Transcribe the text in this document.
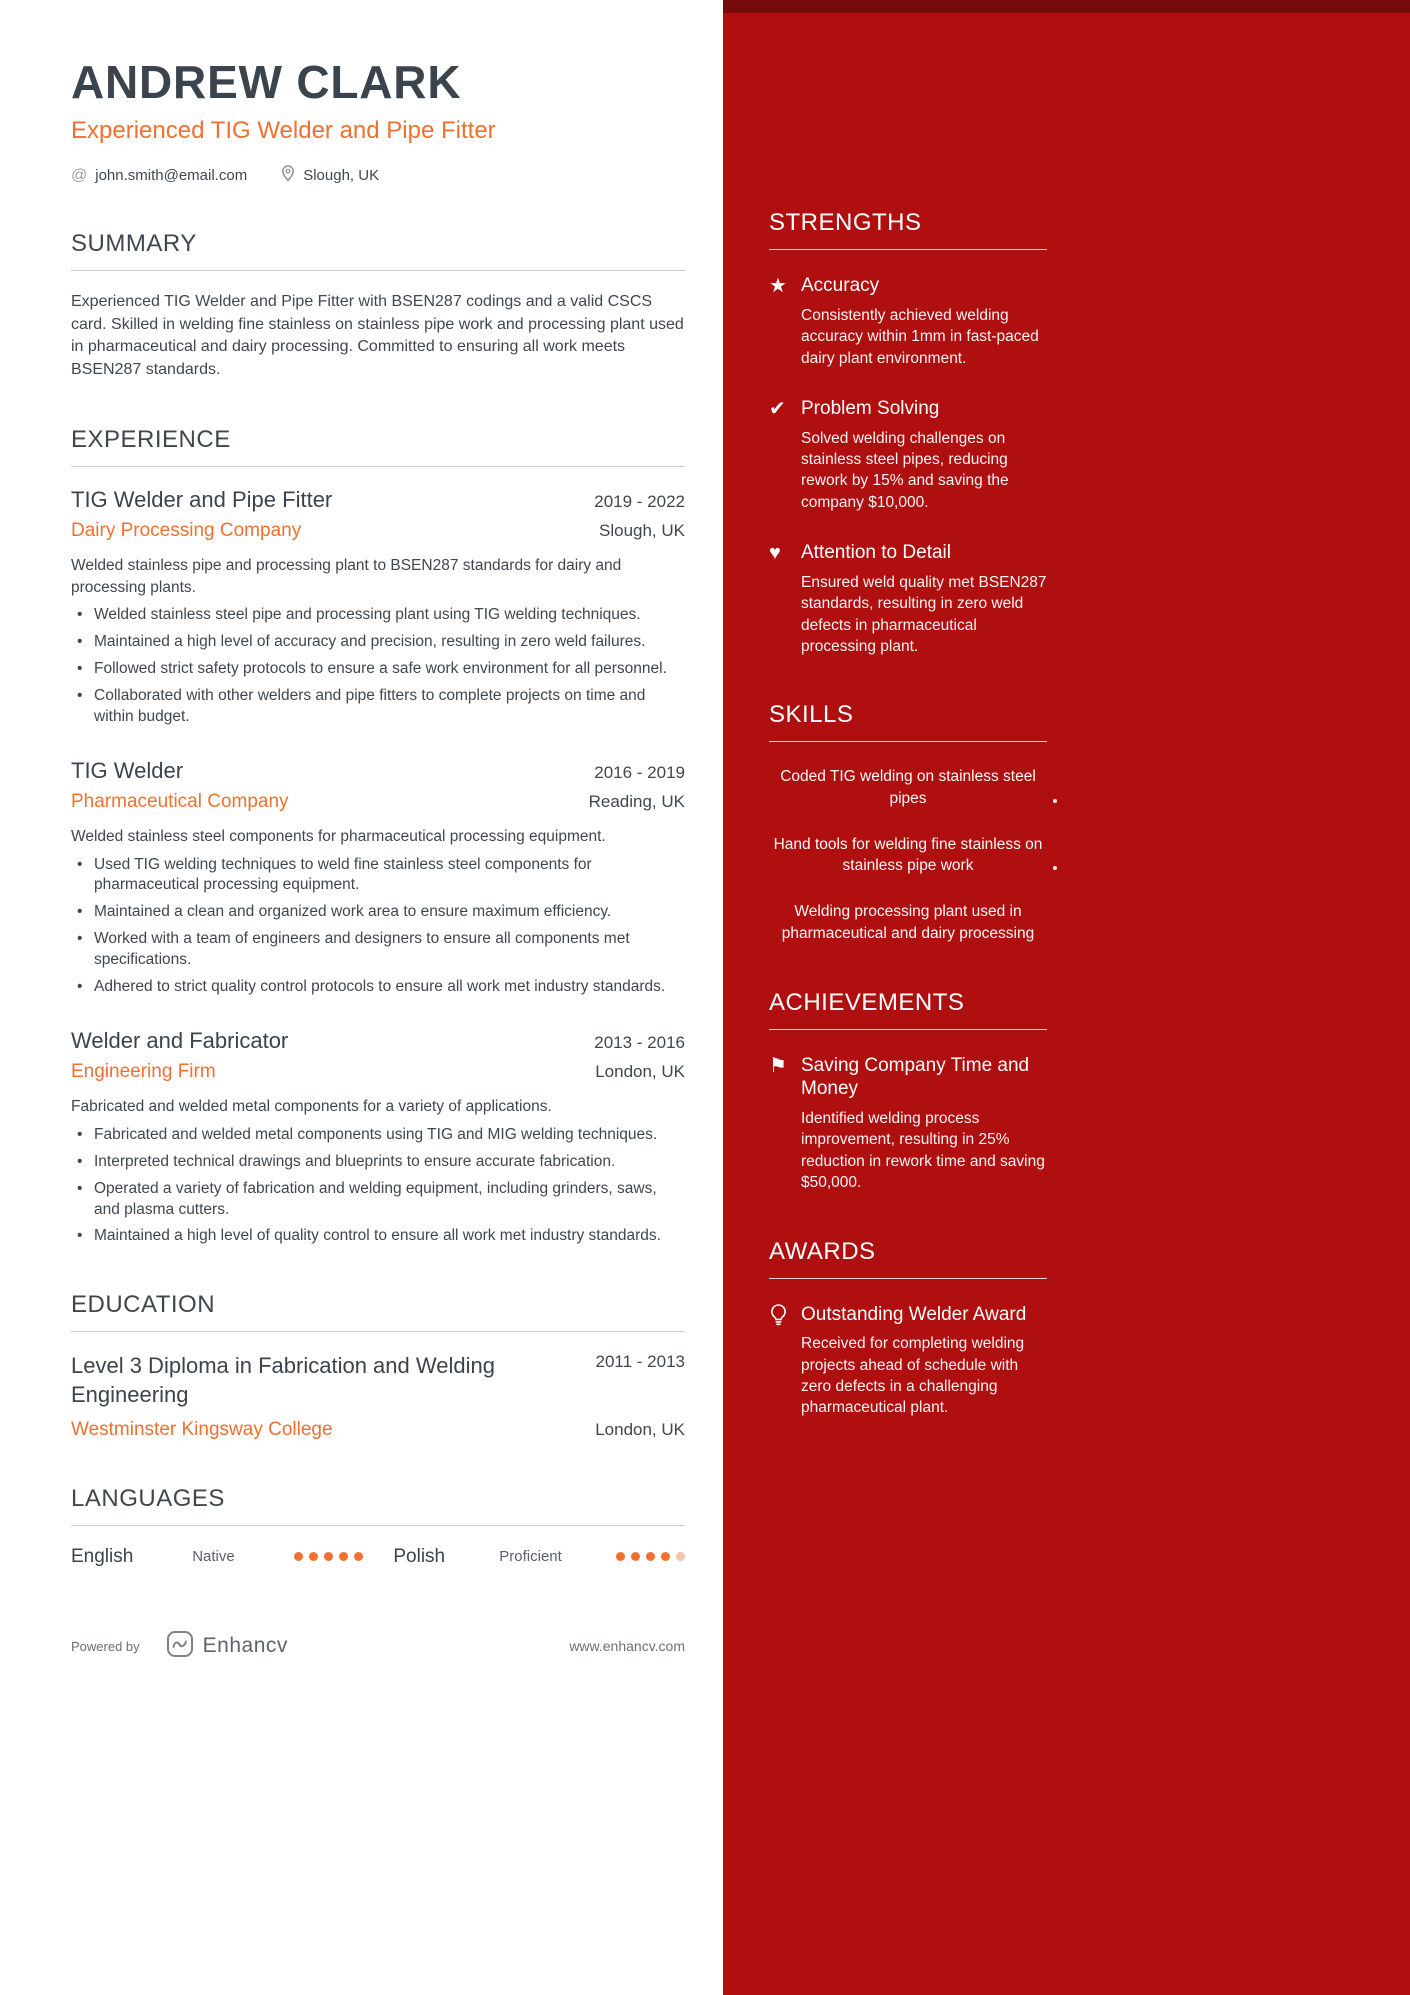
ANDREW CLARK
Experienced TIG Welder and Pipe Fitter
@ john.smith@email.com	Slough, UK
SUMMARY

Experienced TIG Welder and Pipe Fitter with BSEN287 codings and a valid CSCS card. Skilled in welding fine stainless on stainless pipe work and processing plant used in pharmaceutical and dairy processing. Committed to ensuring all work meets BSEN287 standards.

EXPERIENCE
TIG Welder and Pipe Fitter	2019 - 2022
Dairy Processing Company	Slough, UK
Welded stainless pipe and processing plant to BSEN287 standards for dairy and processing plants.
• Welded stainless steel pipe and processing plant using TIG welding techniques.
• Maintained a high level of accuracy and precision, resulting in zero weld failures.
• Followed strict safety protocols to ensure a safe work environment for all personnel.
• Collaborated with other welders and pipe fitters to complete projects on time and within budget.
TIG Welder	2016 - 2019
Pharmaceutical Company	Reading, UK
Welded stainless steel components for pharmaceutical processing equipment.
• Used TIG welding techniques to weld fine stainless steel components for pharmaceutical processing equipment.
• Maintained a clean and organized work area to ensure maximum efficiency.
• Worked with a team of engineers and designers to ensure all components met specifications.
• Adhered to strict quality control protocols to ensure all work met industry standards.
Welder and Fabricator	2013 - 2016
Engineering Firm	London, UK
Fabricated and welded metal components for a variety of applications.
• Fabricated and welded metal components using TIG and MIG welding techniques.
• Interpreted technical drawings and blueprints to ensure accurate fabrication.
• Operated a variety of fabrication and welding equipment, including grinders, saws, and plasma cutters.
• Maintained a high level of quality control to ensure all work met industry standards.
EDUCATION
Level 3 Diploma in Fabrication and Welding Engineering
2011 - 2013
Westminster Kingsway College	London, UK
LANGUAGES
English	Native	Polish	Proficient
Powered by	Enhancv	www.enhancv.com
STRENGTHS
★ Accuracy
Consistently achieved welding accuracy within 1mm in fast-paced dairy plant environment.
✔ Problem Solving
Solved welding challenges on stainless steel pipes, reducing rework by 15% and saving the company $10,000.
♥	Attention to Detail
Ensured weld quality met BSEN287 standards, resulting in zero weld defects in pharmaceutical processing plant.
SKILLS
Coded TIG welding on stainless steel pipes
Hand tools for welding fine stainless on stainless pipe work
Welding processing plant used in pharmaceutical and dairy processing
ACHIEVEMENTS
⚑ Saving Company Time and Money
Identified welding process improvement, resulting in 25% reduction in rework time and saving $50,000.
AWARDS
Outstanding Welder Award
Received for completing welding projects ahead of schedule with zero defects in a challenging pharmaceutical plant.
